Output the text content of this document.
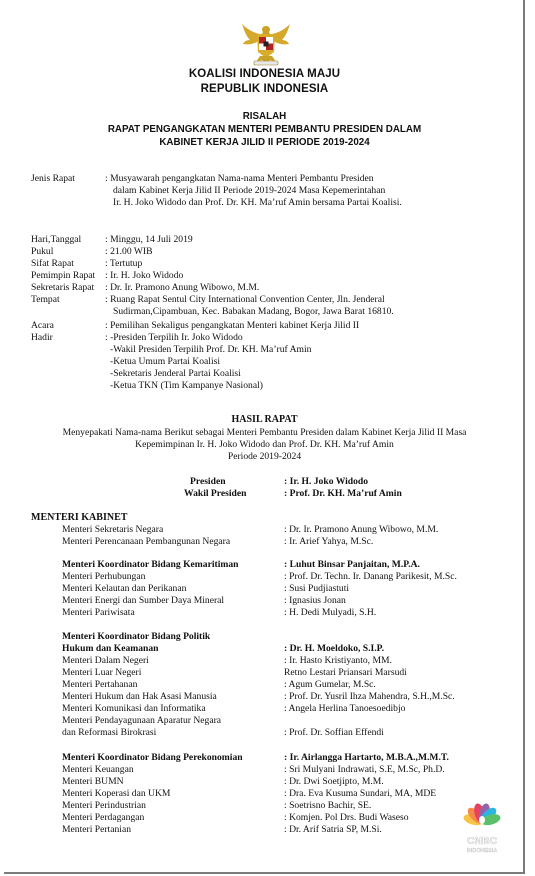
KOALISI INDONESIA MAJU
REPUBLIK INDONESIA
RISALAH
RAPAT PENGANGKATAN MENTERI PEMBANTU PRESIDEN DALAM
KABINET KERJA JILID II PERIODE 2019-2024
Jenis Rapat	: Musyawarah pengangkatan Nama-nama Menteri Pembantu Presiden
dalam Kabinet Kerja Jilid II Periode 2019-2024 Masa Kepemerintahan
Ir. H. Joko Widodo dan Prof. Dr. KH. Ma’ruf Amin bersama Partai Koalisi.
Hari,Tanggal : Minggu, 14 Juli 2019
Pukul	: 21.00 WIB
Sifat Rapat	: Tertutup
Pemimpin Rapat : Ir. H. Joko Widodo
Sekretaris Rapat : Dr. Ir. Pramono Anung Wibowo, M.M.
Tempat	: Ruang Rapat Sentul City International Convention Center, Jln. Jenderal
Sudirman,Cipambuan, Kec. Babakan Madang, Bogor, Jawa Barat 16810.
Acara	: Pemilihan Sekaligus pengangkatan Menteri kabinet Kerja Jilid II
Hadir	: -Presiden Terpilih Ir. Joko Widodo
-Wakil Presiden Terpilih Prof. Dr. KH. Ma’ruf Amin
-Ketua Umum Partai Koalisi
-Sekretaris Jenderal Partai Koalisi
-Ketua TKN (Tim Kampanye Nasional)
HASIL RAPAT
Menyepakati Nama-nama Berikut sebagai Menteri Pembantu Presiden dalam Kabinet Kerja Jilid II Masa
Kepemimpinan Ir. H. Joko Widodo dan Prof. Dr. KH. Ma’ruf Amin
Periode 2019-2024
Presiden	: Ir. H. Joko Widodo
Wakil Presiden	: Prof. Dr. KH. Ma’ruf Amin
MENTERI KABINET
Menteri Sekretaris Negara	: Dr. Ir. Pramono Anung Wibowo, M.M.
Menteri Perencanaan Pembangunan Negara	: Ir. Arief Yahya, M.Sc.
Menteri Koordinator Bidang Kemaritiman	: Luhut Binsar Panjaitan, M.P.A.
Menteri Perhubungan	: Prof. Dr. Techn. Ir. Danang Parikesit, M.Sc.
Menteri Kelautan dan Perikanan	: Susi Pudjiastuti
Menteri Energi dan Sumber Daya Mineral	: Ignasius Jonan
Menteri Pariwisata	: H. Dedi Mulyadi, S.H.
Menteri Koordinator Bidang Politik
Hukum dan Keamanan	: Dr. H. Moeldoko, S.I.P.
Menteri Dalam Negeri	: Ir. Hasto Kristiyanto, MM.
Menteri Luar Negeri	Retno Lestari Priansari Marsudi
Menteri Pertahanan	: Agum Gumelar, M.Sc.
Menteri Hukum dan Hak Asasi Manusia	: Prof. Dr. Yusril Ihza Mahendra, S.H.,M.Sc.
Menteri Komunikasi dan Informatika	: Angela Herlina Tanoesoedibjo
Menteri Pendayagunaan Aparatur Negara
dan Reformasi Birokrasi	: Prof. Dr. Soffian Effendi
Menteri Koordinator Bidang Perekonomian	: Ir. Airlangga Hartarto, M.B.A.,M.M.T.
Menteri Keuangan	: Sri Mulyani Indrawati, S.E, M.Sc, Ph.D.
Menteri BUMN	: Dr. Dwi Soetjipto, M.M.
Menteri Koperasi dan UKM	: Dra. Eva Kusuma Sundari, MA, MDE
Menteri Perindustrian	: Soetrisno Bachir, SE.
Menteri Perdagangan	: Komjen. Pol Drs. Budi Waseso
Menteri Pertanian	: Dr. Arif Satria SP, M.Si.
CNBC
INDONESIA
